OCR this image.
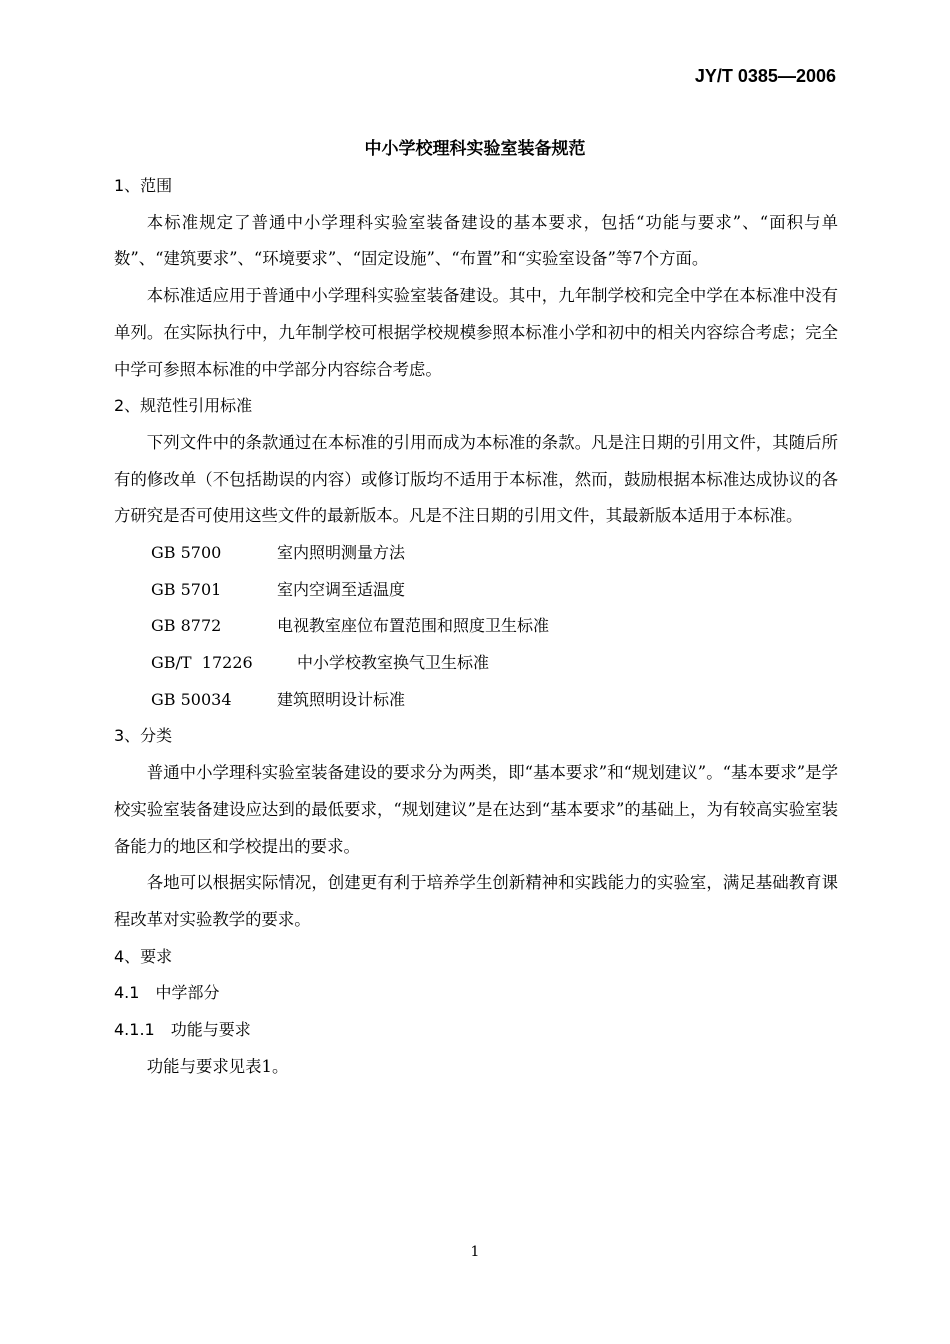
JY/T 0385—2006
中小学校理科实验室装备规范

1、范围

本标准规定了普通中小学理科实验室装备建设的基本要求，包括“功能与要求”、“面积与单数”、“建筑要求”、“环境要求”、“固定设施”、“布置”和“实验室设备”等7个方面。

本标准适应用于普通中小学理科实验室装备建设。其中，九年制学校和完全中学在本标准中没有单列。在实际执行中，九年制学校可根据学校规模参照本标准小学和初中的相关内容综合考虑；完全中学可参照本标准的中学部分内容综合考虑。

2、规范性引用标准

下列文件中的条款通过在本标准的引用而成为本标准的条款。凡是注日期的引用文件，其随后所有的修改单（不包括勘误的内容）或修订版均不适用于本标准，然而，鼓励根据本标准达成协议的各方研究是否可使用这些文件的最新版本。凡是不注日期的引用文件，其最新版本适用于本标准。

GB 5700	室内照明测量方法
GB 5701	室内空调至适温度
GB 8772	电视教室座位布置范围和照度卫生标准
GB/T  17226	中小学校教室换气卫生标准
GB 50034	建筑照明设计标准

3、分类

普通中小学理科实验室装备建设的要求分为两类，即“基本要求”和“规划建议”。“基本要求”是学校实验室装备建设应达到的最低要求，“规划建议”是在达到“基本要求”的基础上，为有较高实验室装备能力的地区和学校提出的要求。

各地可以根据实际情况，创建更有利于培养学生创新精神和实践能力的实验室，满足基础教育课程改革对实验教学的要求。

4、要求

4.1　中学部分

4.1.1　功能与要求

功能与要求见表1。

1
